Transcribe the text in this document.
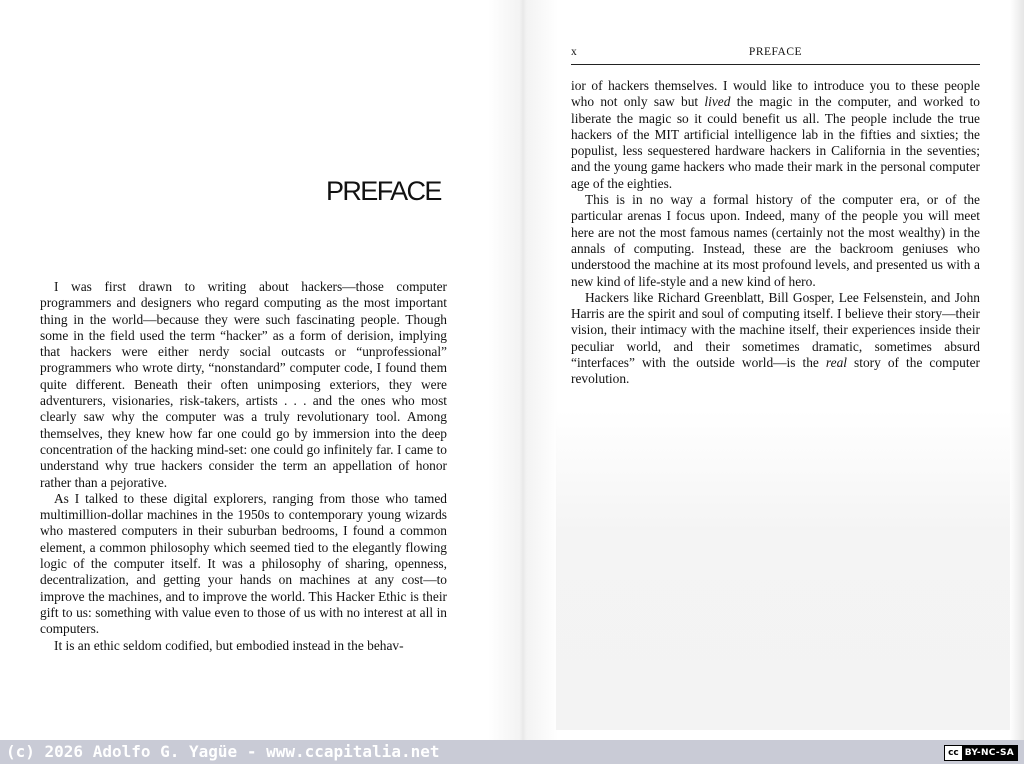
PREFACE

I was first drawn to writing about hackers—those computer programmers and designers who regard computing as the most important thing in the world—because they were such fascinating people. Though some in the field used the term “hacker” as a form of derision, implying that hackers were either nerdy social outcasts or “unprofessional” programmers who wrote dirty, “nonstandard” computer code, I found them quite different. Beneath their often unimposing exteriors, they were adventurers, visionaries, risk-takers, artists . . . and the ones who most clearly saw why the computer was a truly revolutionary tool. Among themselves, they knew how far one could go by immersion into the deep concentration of the hacking mind-set: one could go infinitely far. I came to understand why true hackers consider the term an appellation of honor rather than a pejorative.

As I talked to these digital explorers, ranging from those who tamed multimillion-dollar machines in the 1950s to contemporary young wizards who mastered computers in their suburban bedrooms, I found a common element, a common philosophy which seemed tied to the elegantly flowing logic of the computer itself. It was a philosophy of sharing, openness, decentralization, and getting your hands on machines at any cost—to improve the machines, and to improve the world. This Hacker Ethic is their gift to us: something with value even to those of us with no interest at all in computers.

It is an ethic seldom codified, but embodied instead in the behav-

x	PREFACE

ior of hackers themselves. I would like to introduce you to these people who not only saw but lived the magic in the computer, and worked to liberate the magic so it could benefit us all. The people include the true hackers of the MIT artificial intelligence lab in the fifties and sixties; the populist, less sequestered hardware hackers in California in the seventies; and the young game hackers who made their mark in the personal computer age of the eighties.

This is in no way a formal history of the computer era, or of the particular arenas I focus upon. Indeed, many of the people you will meet here are not the most famous names (certainly not the most wealthy) in the annals of computing. Instead, these are the backroom geniuses who understood the machine at its most profound levels, and presented us with a new kind of life-style and a new kind of hero.

Hackers like Richard Greenblatt, Bill Gosper, Lee Felsenstein, and John Harris are the spirit and soul of computing itself. I believe their story—their vision, their intimacy with the machine itself, their experiences inside their peculiar world, and their sometimes dramatic, sometimes absurd “interfaces” with the outside world—is the real story of the computer revolution.

(c) 2026 Adolfo G. Yagüe - www.ccapitalia.net	cc BY-NC-SA
